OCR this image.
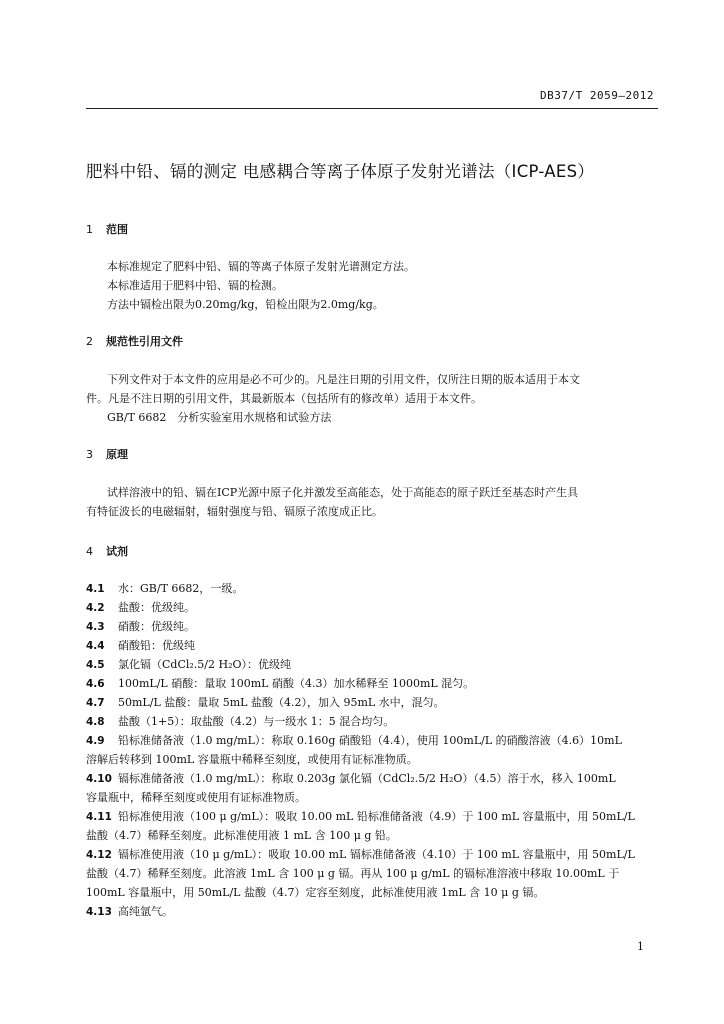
DB37/T 2059—2012
肥料中铅、镉的测定 电感耦合等离子体原子发射光谱法（ICP-AES）
1 范围
本标准规定了肥料中铅、镉的等离子体原子发射光谱测定方法。
本标准适用于肥料中铅、镉的检测。
方法中镉检出限为0.20mg/kg，铅检出限为2.0mg/kg。
2 规范性引用文件
下列文件对于本文件的应用是必不可少的。凡是注日期的引用文件，仅所注日期的版本适用于本文
件。凡是不注日期的引用文件，其最新版本（包括所有的修改单）适用于本文件。
GB/T 6682　分析实验室用水规格和试验方法
3 原理
试样溶液中的铅、镉在ICP光源中原子化并激发至高能态，处于高能态的原子跃迁至基态时产生具
有特征波长的电磁辐射，辐射强度与铅、镉原子浓度成正比。
4 试剂
4.1 水：GB/T 6682，一级。
4.2 盐酸：优级纯。
4.3 硝酸：优级纯。
4.4 硝酸铅：优级纯
4.5 氯化镉（CdCl₂.5/2 H₂O）：优级纯
4.6 100mL/L 硝酸：量取 100mL 硝酸（4.3）加水稀释至 1000mL 混匀。
4.7 50mL/L 盐酸：量取 5mL 盐酸（4.2），加入 95mL 水中，混匀。
4.8 盐酸（1+5）：取盐酸（4.2）与一级水 1：5 混合均匀。
4.9 铅标准储备液（1.0 mg/mL）：称取 0.160g 硝酸铅（4.4），使用 100mL/L 的硝酸溶液（4.6）10mL
溶解后转移到 100mL 容量瓶中稀释至刻度，或使用有证标准物质。
4.10 镉标准储备液（1.0 mg/mL）：称取 0.203g 氯化镉（CdCl₂.5/2 H₂O）（4.5）溶于水，移入 100mL
容量瓶中，稀释至刻度或使用有证标准物质。
4.11 铅标准使用液（100 μ g/mL）：吸取 10.00 mL 铅标准储备液（4.9）于 100 mL 容量瓶中，用 50mL/L
盐酸（4.7）稀释至刻度。此标准使用液 1 mL 含 100 μ g 铅。
4.12 镉标准使用液（10 μ g/mL）：吸取 10.00 mL 镉标准储备液（4.10）于 100 mL 容量瓶中，用 50mL/L
盐酸（4.7）稀释至刻度。此溶液 1mL 含 100 μ g 镉。再从 100 μ g/mL 的镉标准溶液中移取 10.00mL 于
100mL 容量瓶中，用 50mL/L 盐酸（4.7）定容至刻度，此标准使用液 1mL 含 10 μ g 镉。
4.13 高纯氩气。
1
